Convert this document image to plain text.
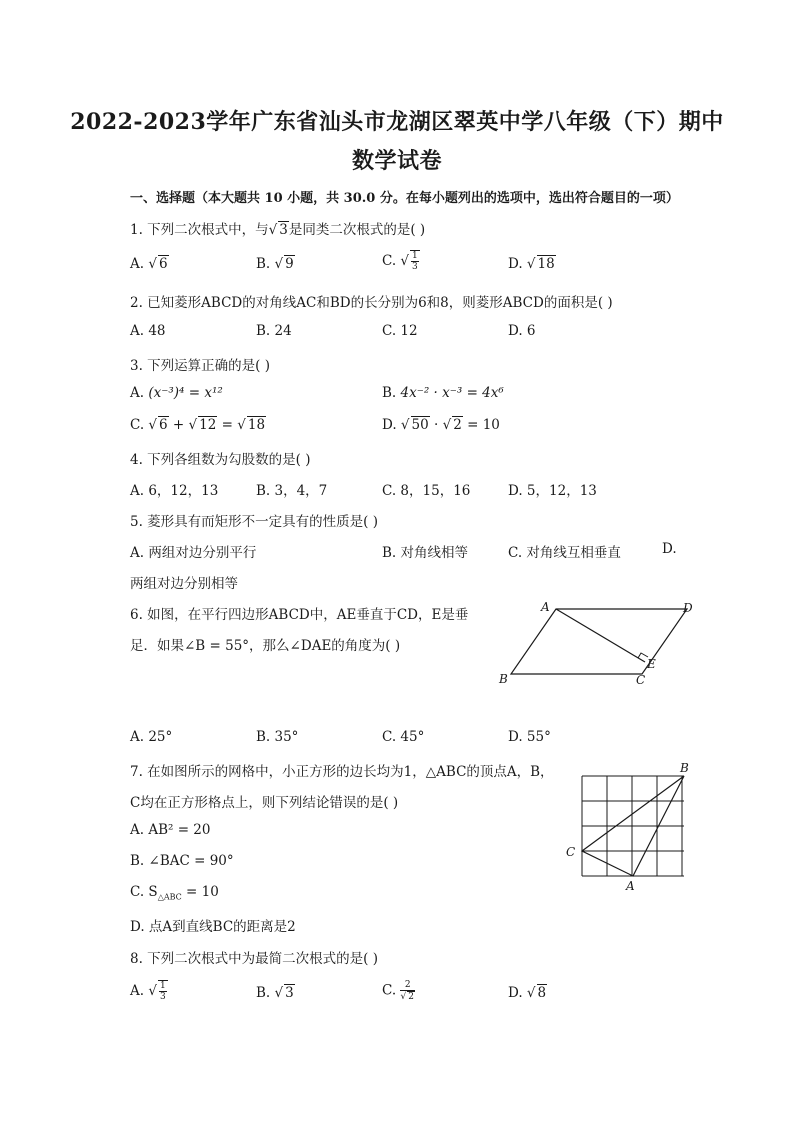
2022-2023学年广东省汕头市龙湖区翠英中学八年级（下）期中
数学试卷
一、选择题（本大题共 10 小题，共 30.0 分。在每小题列出的选项中，选出符合题目的一项）
1. 下列二次根式中，与√ 3是同类二次根式的是( )
A. √ 6	B. √ 9	C. √ $\frac{1}{3}$	D. √ 18
2. 已知菱形ABCD的对角线AC和BD的长分别为6和8，则菱形ABCD的面积是( )
A. 48	B. 24	C. 12	D. 6
3. 下列运算正确的是( )
A. (x⁻³)⁴ = x¹²	B. 4x⁻² · x⁻³ = 4x⁶
C. √ 6 + √ 12 = √ 18	D. √ 50 · √ 2 = 10
4. 下列各组数为勾股数的是( )
A. 6，12，13	B. 3，4，7	C. 8，15，16	D. 5，12，13
5. 菱形具有而矩形不一定具有的性质是( )
A. 两组对边分别平行	B. 对角线相等	C. 对角线互相垂直	D.
两组对边分别相等
6. 如图，在平行四边形ABCD中，AE垂直于CD，E是垂
足．如果∠B = 55°，那么∠DAE的角度为( )
A	D
B	C
E
A. 25°	B. 35°	C. 45°	D. 55°
7. 在如图所示的网格中，小正方形的边长均为1，△ABC的顶点A，B，
C均在正方形格点上，则下列结论错误的是( )
A. AB² = 20
B. ∠BAC = 90°
C. $S_{\triangle ABC} = 10$
D. 点A到直线BC的距离是2
B
C
A
8. 下列二次根式中为最简二次根式的是( )
A. √ $\frac{1}{3}$	B. √ 3	C. $\frac{2}{√ 2}$	D. √ 8
